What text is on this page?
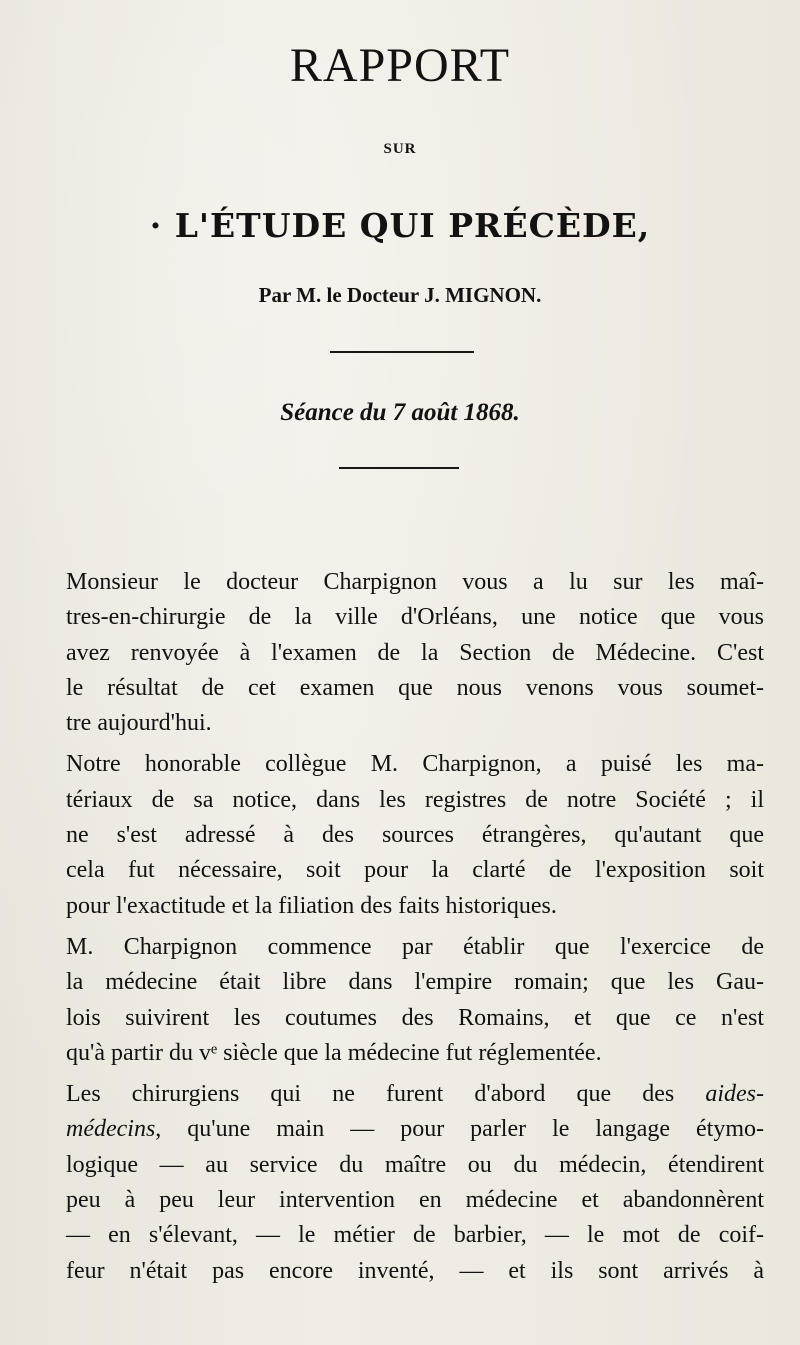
RAPPORT
SUR
· L'ÉTUDE QUI PRÉCÈDE,
Par M. le Docteur J. MIGNON.
Séance du 7 août 1868.
Monsieur le docteur Charpignon vous a lu sur les maî-
tres-en-chirurgie de la ville d'Orléans, une notice que vous
avez renvoyée à l'examen de la Section de Médecine. C'est
le résultat de cet examen que nous venons vous soumet-
tre aujourd'hui.
Notre honorable collègue M. Charpignon, a puisé les ma-
tériaux de sa notice, dans les registres de notre Société ; il
ne s'est adressé à des sources étrangères, qu'autant que
cela fut nécessaire, soit pour la clarté de l'exposition soit
pour l'exactitude et la filiation des faits historiques.
M. Charpignon commence par établir que l'exercice de
la médecine était libre dans l'empire romain; que les Gau-
lois suivirent les coutumes des Romains, et que ce n'est
qu'à partir du vᵉ siècle que la médecine fut réglementée.
Les chirurgiens qui ne furent d'abord que des aides-
médecins, qu'une main — pour parler le langage étymo-
logique — au service du maître ou du médecin, étendirent
peu à peu leur intervention en médecine et abandonnèrent
— en s'élevant, — le métier de barbier, — le mot de coif-
feur n'était pas encore inventé, — et ils sont arrivés à
